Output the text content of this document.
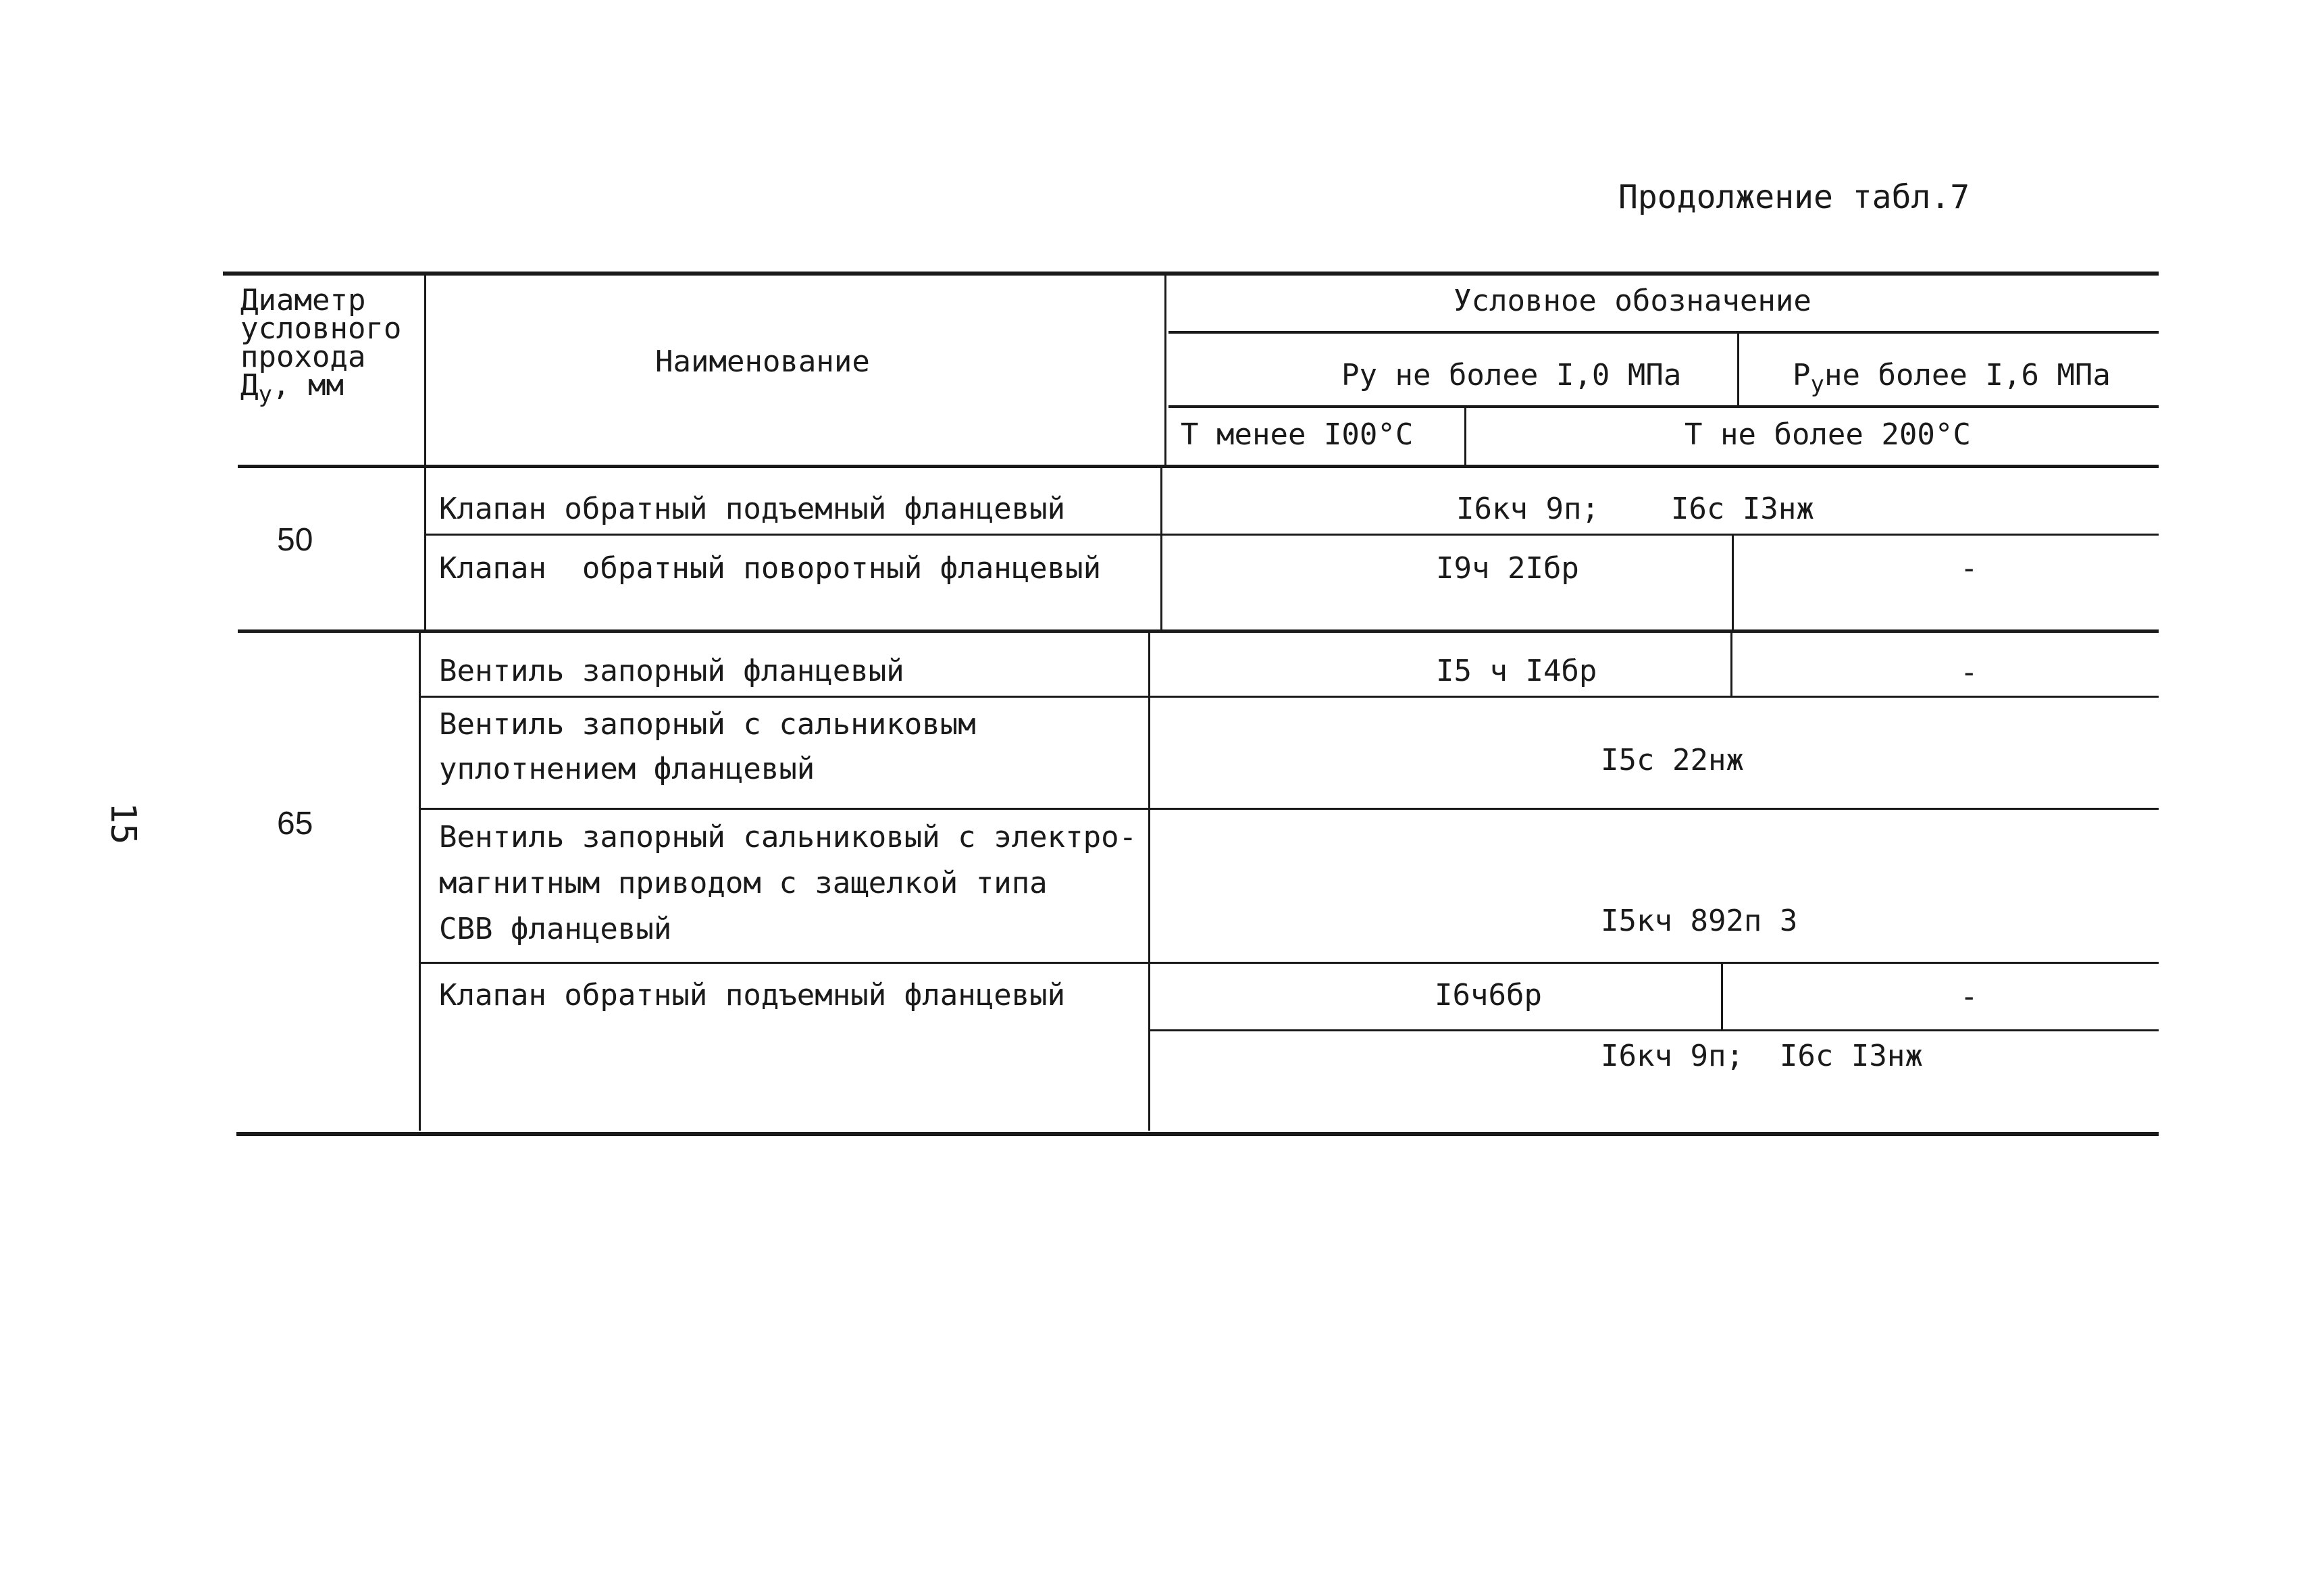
Продолжение табл.7
15
Диаметр
условного
прохода
$Д_у$, мм
Наименование
Условное обозначение
Ру не более I,0 МПа	$Р_уне$ более I,6 МПа
Т менее I00°С	Т не более 200°С
50
Клапан обратный подъемный фланцевый	I6кч 9п;    I6с I3нж
Клапан  обратный поворотный фланцевый	I9ч 2Iбр	-
65
Вентиль запорный фланцевый	I5 ч I4бр	-
Вентиль запорный с сальниковым
уплотнением фланцевый	I5с 22нж
Вентиль запорный сальниковый с электро-
магнитным приводом с защелкой типа
СВВ фланцевый	I5кч 892п 3
Клапан обратный подъемный фланцевый	I6ч6бр	-
I6кч 9п;  I6с I3нж
